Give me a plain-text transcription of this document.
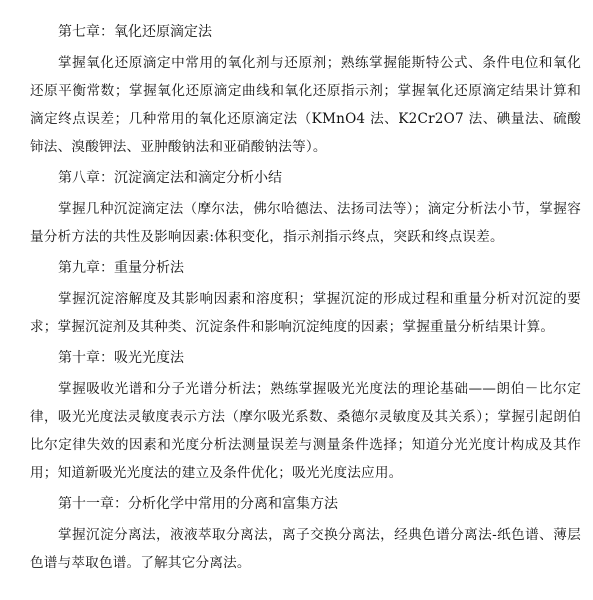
第七章：氧化还原滴定法

掌握氧化还原滴定中常用的氧化剂与还原剂；熟练掌握能斯特公式、条件电位和氧化还原平衡常数；掌握氧化还原滴定曲线和氧化还原指示剂；掌握氧化还原滴定结果计算和滴定终点误差；几种常用的氧化还原滴定法（KMnO4 法、K2Cr2O7 法、碘量法、硫酸铈法、溴酸钾法、亚肿酸钠法和亚硝酸钠法等）。

第八章：沉淀滴定法和滴定分析小结

掌握几种沉淀滴定法（摩尔法，佛尔哈德法、法扬司法等）；滴定分析法小节，掌握容量分析方法的共性及影响因素:体积变化，指示剂指示终点，突跃和终点误差。

第九章：重量分析法

掌握沉淀溶解度及其影响因素和溶度积；掌握沉淀的形成过程和重量分析对沉淀的要求；掌握沉淀剂及其种类、沉淀条件和影响沉淀纯度的因素；掌握重量分析结果计算。

第十章：吸光光度法

掌握吸收光谱和分子光谱分析法；熟练掌握吸光光度法的理论基础——朗伯－比尔定律，吸光光度法灵敏度表示方法（摩尔吸光系数、桑德尔灵敏度及其关系）；掌握引起朗伯比尔定律失效的因素和光度分析法测量误差与测量条件选择；知道分光光度计构成及其作用；知道新吸光光度法的建立及条件优化；吸光光度法应用。

第十一章：分析化学中常用的分离和富集方法

掌握沉淀分离法，液液萃取分离法，离子交换分离法，经典色谱分离法-纸色谱、薄层色谱与萃取色谱。了解其它分离法。
